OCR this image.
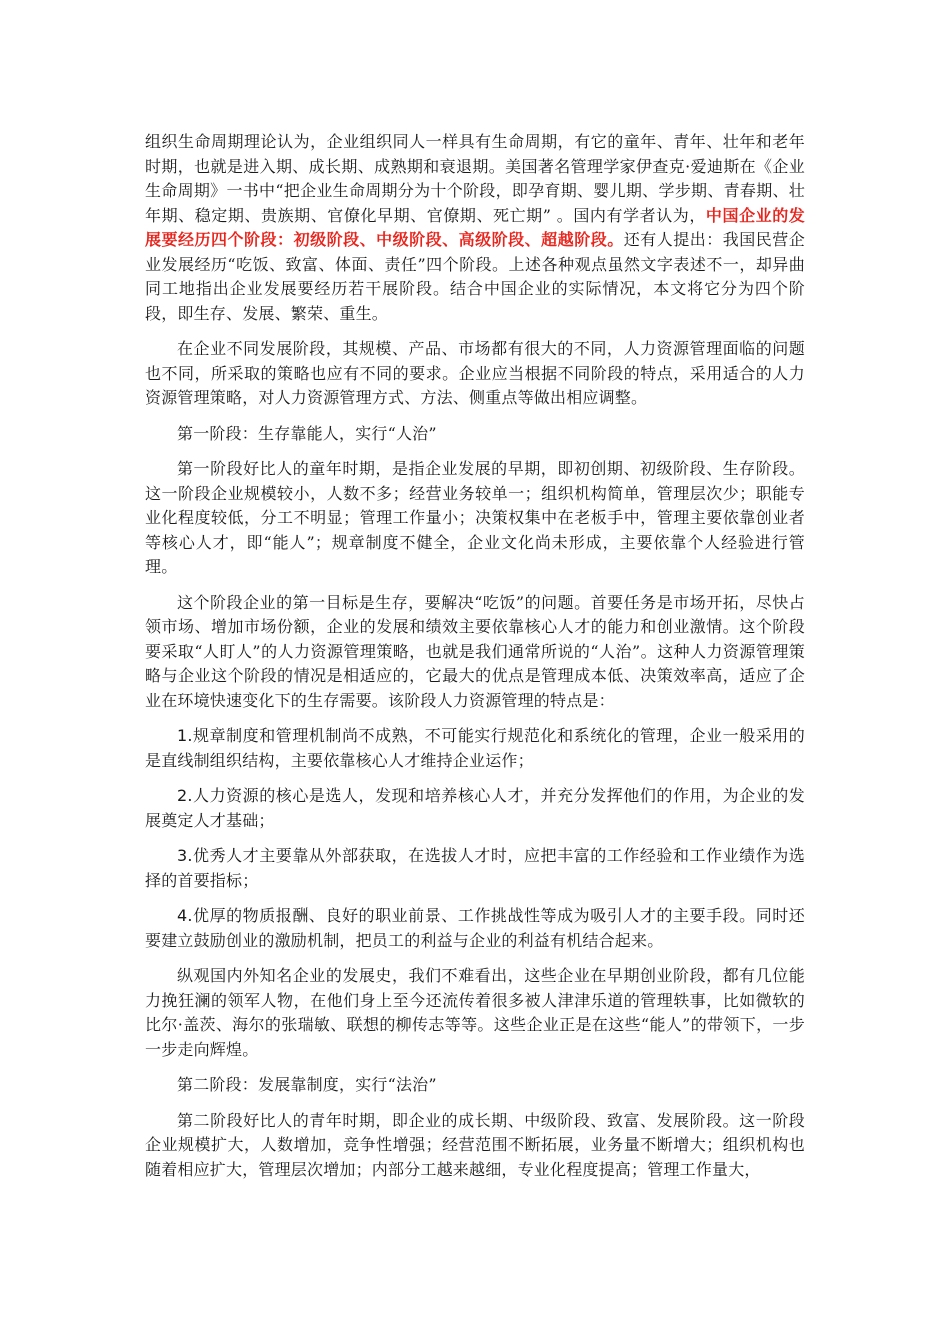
组织生命周期理论认为，企业组织同人一样具有生命周期，有它的童年、青年、壮年和老年时期，也就是进入期、成长期、成熟期和衰退期。美国著名管理学家伊查克·爱迪斯在《企业生命周期》一书中“把企业生命周期分为十个阶段，即孕育期、婴儿期、学步期、青春期、壮年期、稳定期、贵族期、官僚化早期、官僚期、死亡期” 。国内有学者认为，中国企业的发展要经历四个阶段：初级阶段、中级阶段、高级阶段、超越阶段。还有人提出：我国民营企业发展经历“吃饭、致富、体面、责任”四个阶段。上述各种观点虽然文字表述不一，却异曲同工地指出企业发展要经历若干展阶段。结合中国企业的实际情况，本文将它分为四个阶段，即生存、发展、繁荣、重生。

在企业不同发展阶段，其规模、产品、市场都有很大的不同，人力资源管理面临的问题也不同，所采取的策略也应有不同的要求。企业应当根据不同阶段的特点，采用适合的人力资源管理策略，对人力资源管理方式、方法、侧重点等做出相应调整。

第一阶段：生存靠能人，实行“人治”

第一阶段好比人的童年时期，是指企业发展的早期，即初创期、初级阶段、生存阶段。这一阶段企业规模较小，人数不多；经营业务较单一；组织机构简单，管理层次少；职能专业化程度较低，分工不明显；管理工作量小；决策权集中在老板手中，管理主要依靠创业者等核心人才，即“能人”；规章制度不健全，企业文化尚未形成，主要依靠个人经验进行管理。

这个阶段企业的第一目标是生存，要解决“吃饭”的问题。首要任务是市场开拓，尽快占领市场、增加市场份额，企业的发展和绩效主要依靠核心人才的能力和创业激情。这个阶段要采取“人盯人”的人力资源管理策略，也就是我们通常所说的“人治”。这种人力资源管理策略与企业这个阶段的情况是相适应的，它最大的优点是管理成本低、决策效率高，适应了企业在环境快速变化下的生存需要。该阶段人力资源管理的特点是：

1.规章制度和管理机制尚不成熟，不可能实行规范化和系统化的管理，企业一般采用的是直线制组织结构，主要依靠核心人才维持企业运作；

2.人力资源的核心是选人，发现和培养核心人才，并充分发挥他们的作用，为企业的发展奠定人才基础；

3.优秀人才主要靠从外部获取，在选拔人才时，应把丰富的工作经验和工作业绩作为选择的首要指标；

4.优厚的物质报酬、良好的职业前景、工作挑战性等成为吸引人才的主要手段。同时还要建立鼓励创业的激励机制，把员工的利益与企业的利益有机结合起来。

纵观国内外知名企业的发展史，我们不难看出，这些企业在早期创业阶段，都有几位能力挽狂澜的领军人物，在他们身上至今还流传着很多被人津津乐道的管理轶事，比如微软的比尔·盖茨、海尔的张瑞敏、联想的柳传志等等。这些企业正是在这些“能人”的带领下，一步一步走向辉煌。

第二阶段：发展靠制度，实行“法治”

第二阶段好比人的青年时期，即企业的成长期、中级阶段、致富、发展阶段。这一阶段企业规模扩大，人数增加，竞争性增强；经营范围不断拓展，业务量不断增大；组织机构也随着相应扩大，管理层次增加；内部分工越来越细，专业化程度提高；管理工作量大，
